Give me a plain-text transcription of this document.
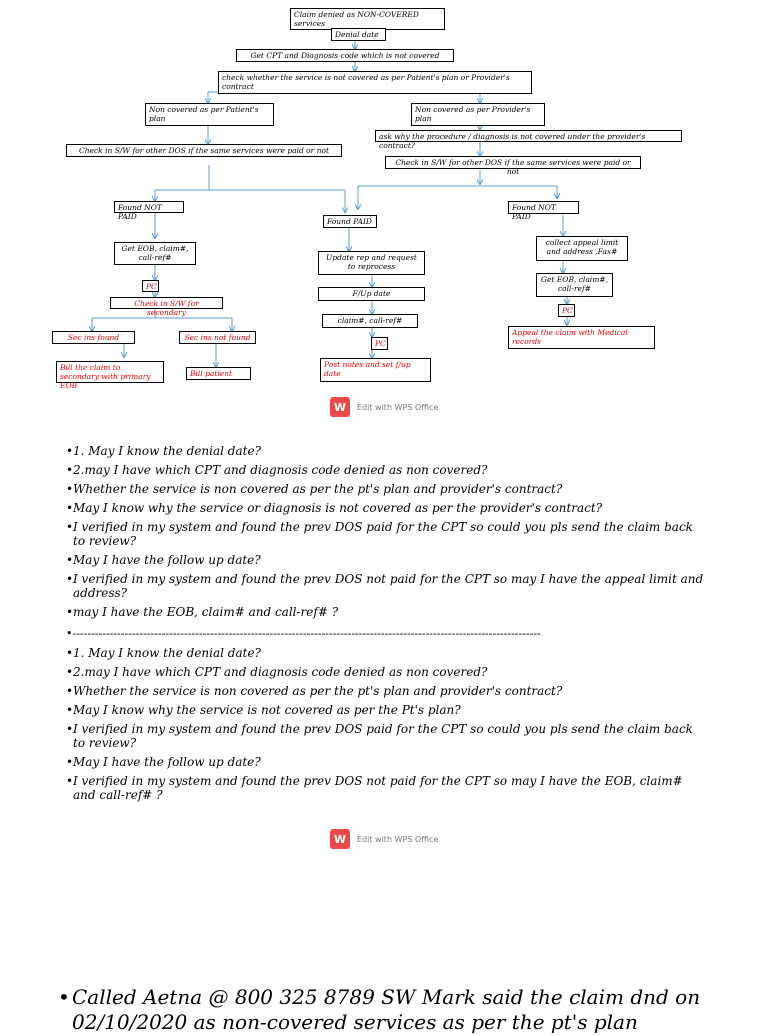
Claim denied as NON-COVERED services
Denial date
Get CPT and Diagnosis code which is not covered
check whether the service is not covered as per Patient's plan or Provider's contract
Non covered as per Patient's plan
Non covered as per Provider's plan
ask why the procedure / diagnosis is not covered under the provider's contract?
Check in S/W for other DOS if the same services were paid or not
Check in S/W for other DOS if the same services were paid or not
Found NOT PAID
Found PAID
Found NOT PAID
Get EOB, claim#, call-ref#
PC
Check in S/W for secondary
Sec ins found	Sec ins not found
Bill the claim to secondary with primary EOB
Bill patient
Update rep and request to reprocess
F/Up date
claim#, call-ref#
PC
Post notes and set f/up date
collect appeal limit and address ,Fax#
Get EOB, claim#, call-ref#
PC
Appeal the claim with Medical records
W	Edit with WPS Office
• 1. May I know the denial date?
• 2.may I have which CPT and diagnosis code denied as non covered?
• Whether the service is non covered as per the pt's plan and provider's contract?
• May I know why the service or diagnosis is not covered as per the provider's contract?
• I verified in my system and found the prev DOS paid for the CPT so could you pls send the claim back to review?
• May I have the follow up date?
• I verified in my system and found the prev DOS not paid for the CPT so may I have the appeal limit and address?
• may I have the EOB, claim# and call-ref# ?
•------------------------------------------------------------------------------------------------------------------------------
• 1. May I know the denial date?
• 2.may I have which CPT and diagnosis code denied as non covered?
• Whether the service is non covered as per the pt's plan and provider's contract?
• May I know why the service is not covered as per the Pt's plan?
• I verified in my system and found the prev DOS paid for the CPT so could you pls send the claim back to review?
• May I have the follow up date?
• I verified in my system and found the prev DOS not paid for the CPT so may I have the EOB, claim# and call-ref# ?
W	Edit with WPS Office
• Called Aetna @ 800 325 8789 SW Mark said the claim dnd on 02/10/2020 as non-covered services as per the pt's plan
